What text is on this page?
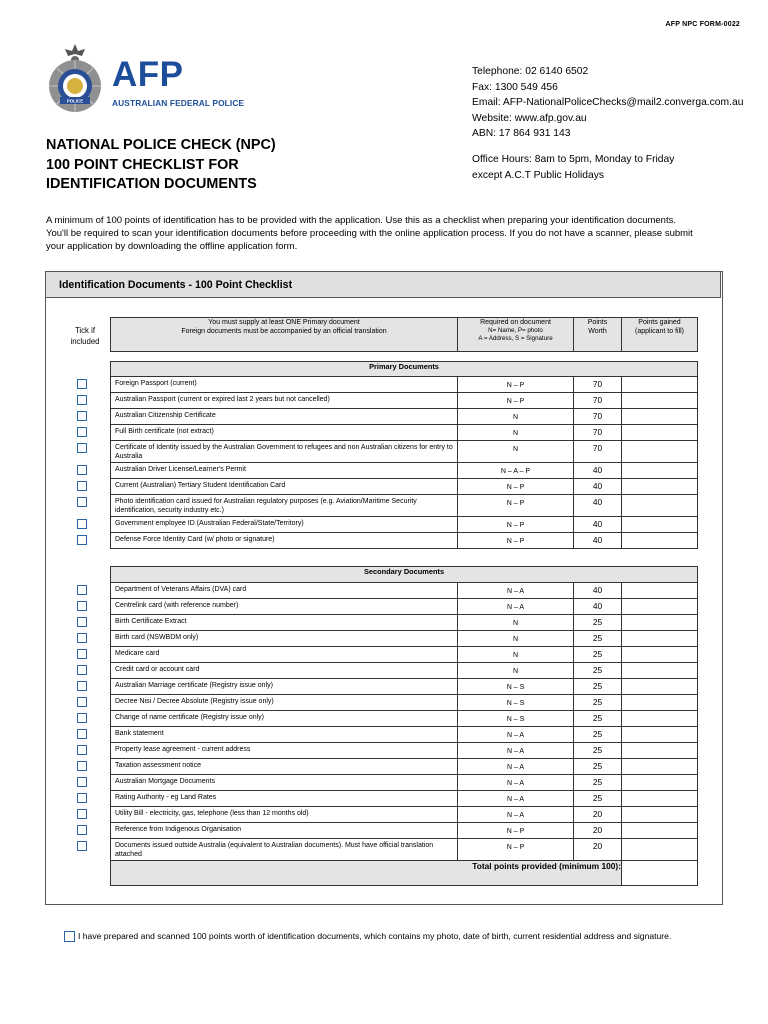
AFP NPC FORM-0022
POLICE
AFP
AUSTRALIAN FEDERAL POLICE
Telephone: 02 6140 6502
Fax: 1300 549 456
Email: AFP-NationalPoliceChecks@mail2.converga.com.au
Website: www.afp.gov.au
ABN: 17 864 931 143
Office Hours: 8am to 5pm, Monday to Friday
except A.C.T Public Holidays
NATIONAL POLICE CHECK (NPC)
100 POINT CHECKLIST FOR
IDENTIFICATION DOCUMENTS
A minimum of 100 points of identification has to be provided with the application. Use this as a checklist when preparing your identification documents.
You'll be required to scan your identification documents before proceeding with the online application process. If you do not have a scanner, please submit
your application by downloading the offline application form.
Identification Documents - 100 Point Checklist
Tick if
included
You must supply at least ONE Primary document
Foreign documents must be accompanied by an official translation

Required on document
N= Name, P= photo
A = Address, S = Signature

Points
Worth

Points gained
(applicant to fill)
Primary Documents			
Foreign Passport (current)	N – P	70	
Australian Passport (current or expired last 2 years but not cancelled)	N – P	70	
Australian Citizenship Certificate	N	70	
Full Birth certificate (not extract)	N	70	
Certificate of Identity issued by the Australian Government to refugees and non Australian citizens for entry to Australia	N	70	
Australian Driver License/Learner's Permit	N – A – P	40	
Current (Australian) Tertiary Student Identification Card	N – P	40	
Photo identification card issued for Australian regulatory purposes (e.g. Aviation/Maritime Security identification, security industry etc.)	N – P	40	
Government employee ID (Australian Federal/State/Territory)	N – P	40	
Defense Force Identity Card (w/ photo or signature)	N – P	40	
Secondary Documents			
Department of Veterans Affairs (DVA) card	N – A	40	
Centrelink card (with reference number)	N – A	40	
Birth Certificate Extract	N	25	
Birth card (NSWBDM only)	N	25	
Medicare card	N	25	
Credit card or account card	N	25	
Australian Marriage certificate (Registry issue only)	N – S	25	
Decree Nisi / Decree Absolute (Registry issue only)	N – S	25	
Change of name certificate (Registry issue only)	N – S	25	
Bank statement	N – A	25	
Property lease agreement - current address	N – A	25	
Taxation assessment notice	N – A	25	
Australian Mortgage Documents	N – A	25	
Rating Authority - eg Land Rates	N – A	25	
Utility Bill - electricity, gas, telephone (less than 12 months old)	N – A	20	
Reference from Indigenous Organisation	N – P	20	
Documents issued outside Australia (equivalent to Australian documents). Must have official translation attached	N – P	20	
Total points provided (minimum 100):			
I have prepared and scanned 100 points worth of identification documents, which contains my photo, date of birth, current residential address and signature.
